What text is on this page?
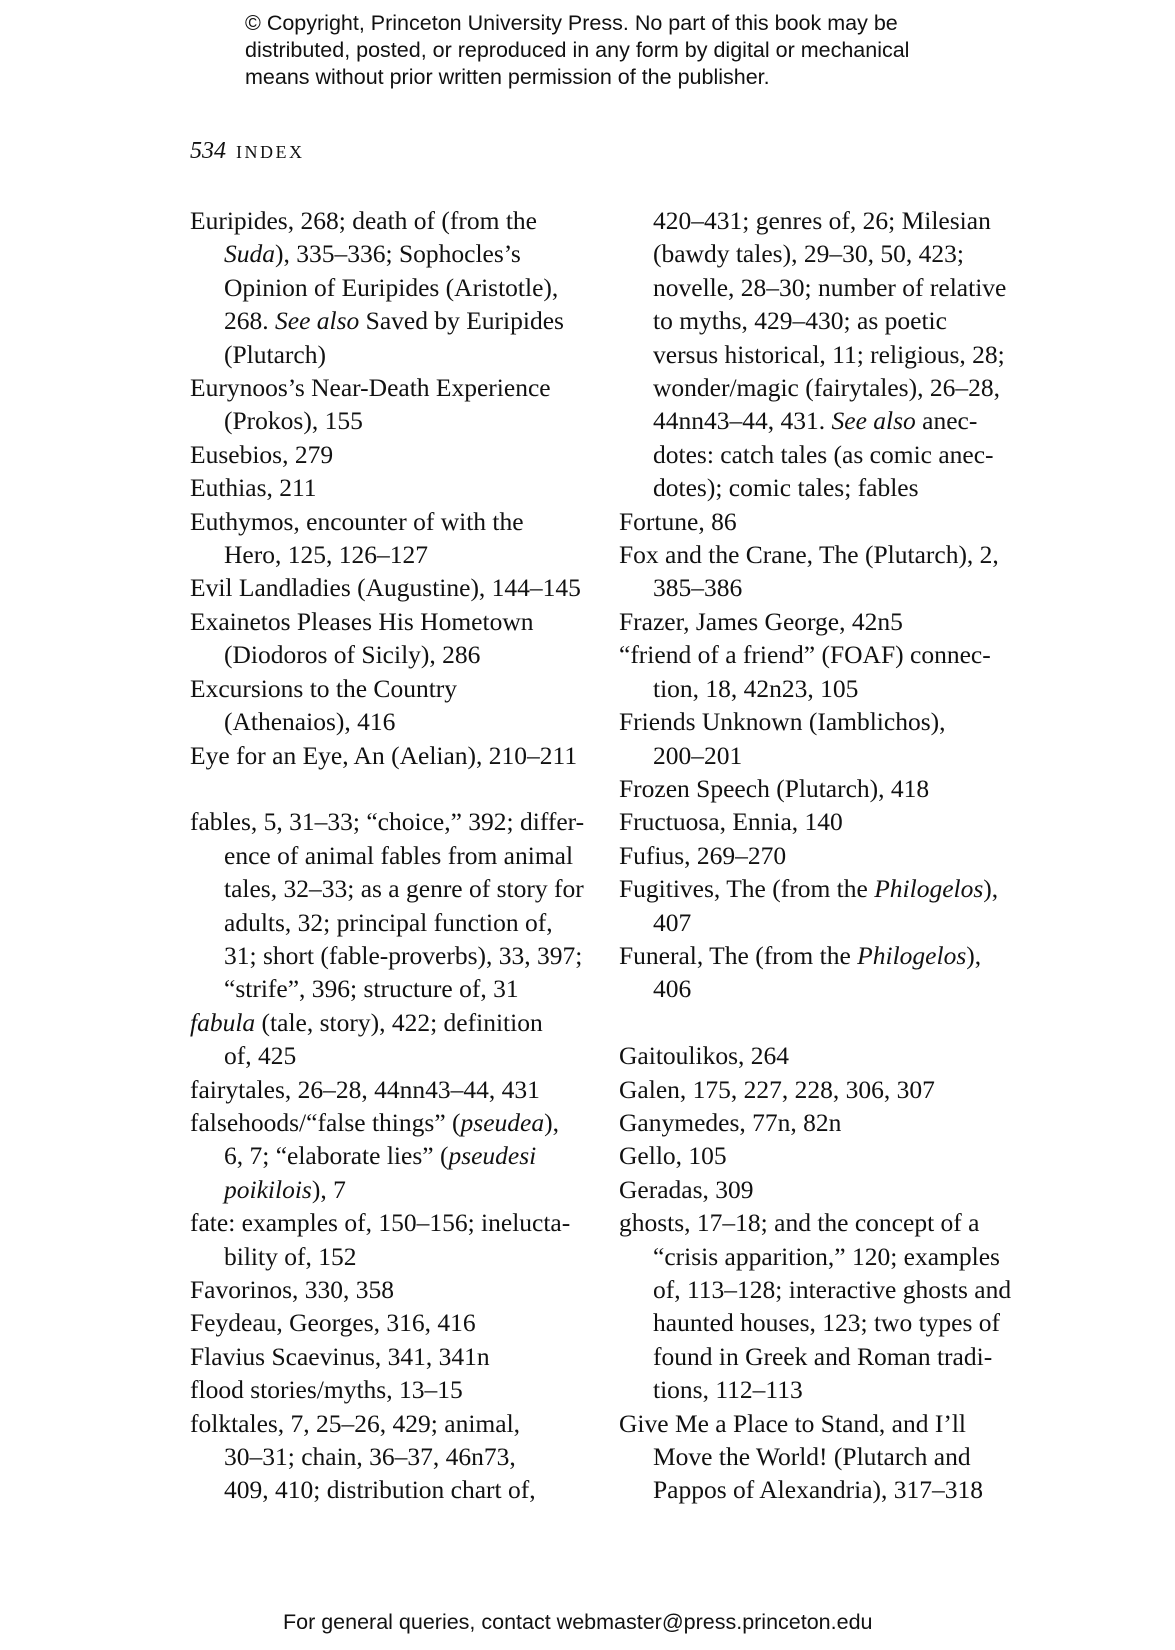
© Copyright, Princeton University Press. No part of this book may be
distributed, posted, or reproduced in any form by digital or mechanical
means without prior written permission of the publisher.
534 INDEX
Euripides, 268; death of (from the
Suda), 335–336; Sophocles’s
Opinion of Euripides (Aristotle),
268. See also Saved by Euripides
(Plutarch)
Eurynoos’s Near-Death Experience
(Prokos), 155
Eusebios, 279
Euthias, 211
Euthymos, encounter of with the
Hero, 125, 126–127
Evil Landladies (Augustine), 144–145
Exainetos Pleases His Hometown
(Diodoros of Sicily), 286
Excursions to the Country
(Athenaios), 416
Eye for an Eye, An (Aelian), 210–211
fables, 5, 31–33; “choice,” 392; differ-
ence of animal fables from animal
tales, 32–33; as a genre of story for
adults, 32; principal function of,
31; short (fable-proverbs), 33, 397;
“strife”, 396; structure of, 31
fabula (tale, story), 422; definition
of, 425
fairytales, 26–28, 44nn43–44, 431
falsehoods/“false things” (pseudea),
6, 7; “elaborate lies” (pseudesi
poikilois), 7
fate: examples of, 150–156; inelucta-
bility of, 152
Favorinos, 330, 358
Feydeau, Georges, 316, 416
Flavius Scaevinus, 341, 341n
flood stories/myths, 13–15
folktales, 7, 25–26, 429; animal,
30–31; chain, 36–37, 46n73,
409, 410; distribution chart of,
420–431; genres of, 26; Milesian
(bawdy tales), 29–30, 50, 423;
novelle, 28–30; number of relative
to myths, 429–430; as poetic
versus historical, 11; religious, 28;
wonder/magic (fairytales), 26–28,
44nn43–44, 431. See also anec-
dotes: catch tales (as comic anec-
dotes); comic tales; fables
Fortune, 86
Fox and the Crane, The (Plutarch), 2,
385–386
Frazer, James George, 42n5
“friend of a friend” (FOAF) connec-
tion, 18, 42n23, 105
Friends Unknown (Iamblichos),
200–201
Frozen Speech (Plutarch), 418
Fructuosa, Ennia, 140
Fufius, 269–270
Fugitives, The (from the Philogelos),
407
Funeral, The (from the Philogelos),
406
Gaitoulikos, 264
Galen, 175, 227, 228, 306, 307
Ganymedes, 77n, 82n
Gello, 105
Geradas, 309
ghosts, 17–18; and the concept of a
“crisis apparition,” 120; examples
of, 113–128; interactive ghosts and
haunted houses, 123; two types of
found in Greek and Roman tradi-
tions, 112–113
Give Me a Place to Stand, and I’ll
Move the World! (Plutarch and
Pappos of Alexandria), 317–318
For general queries, contact webmaster@press.princeton.edu
